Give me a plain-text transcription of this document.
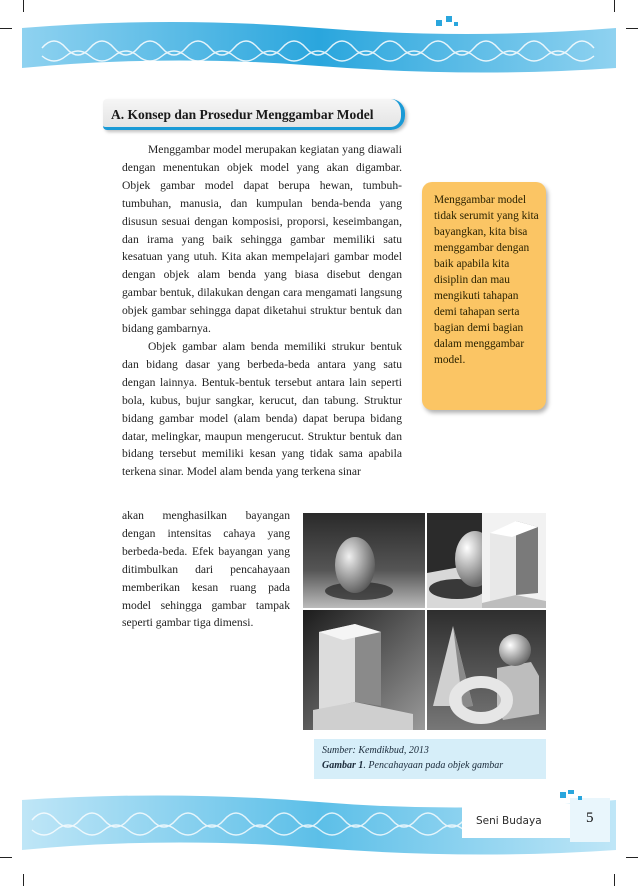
A. Konsep dan Prosedur Menggambar Model

Menggambar model merupakan kegiatan yang diawali dengan menentukan objek model yang akan digambar. Objek gambar model dapat berupa hewan, tumbuh-tumbuhan, manusia, dan kumpulan benda-benda yang disusun sesuai dengan komposisi, proporsi, keseimbangan, dan irama yang baik sehingga gambar memiliki satu kesatuan yang utuh. Kita akan mempelajari gambar model dengan objek alam benda yang biasa disebut dengan gambar bentuk, dilakukan dengan cara mengamati langsung objek gambar sehingga dapat diketahui struktur bentuk dan bidang gambarnya.

Objek gambar alam benda memiliki strukur bentuk dan bidang dasar yang berbeda-beda antara yang satu dengan lainnya. Bentuk-bentuk tersebut antara lain seperti bola, kubus, bujur sangkar, kerucut, dan tabung. Struktur bidang gambar model (alam benda) dapat berupa bidang datar, melingkar, maupun mengerucut. Struktur bentuk dan bidang tersebut memiliki kesan yang tidak sama apabila terkena sinar. Model alam benda yang terkena sinar

akan menghasilkan bayangan dengan intensitas cahaya yang berbeda-beda. Efek bayangan yang ditimbulkan dari pencahayaan memberikan kesan ruang pada model sehingga gambar tampak seperti gambar tiga dimensi.

Menggambar model tidak serumit yang kita bayangkan, kita bisa menggambar dengan baik apabila kita disiplin dan mau mengikuti tahapan demi tahapan serta bagian demi bagian dalam menggambar model.
Sumber: Kemdikbud, 2013
Gambar 1. Pencahayaan pada objek gambar
Seni Budaya	5
